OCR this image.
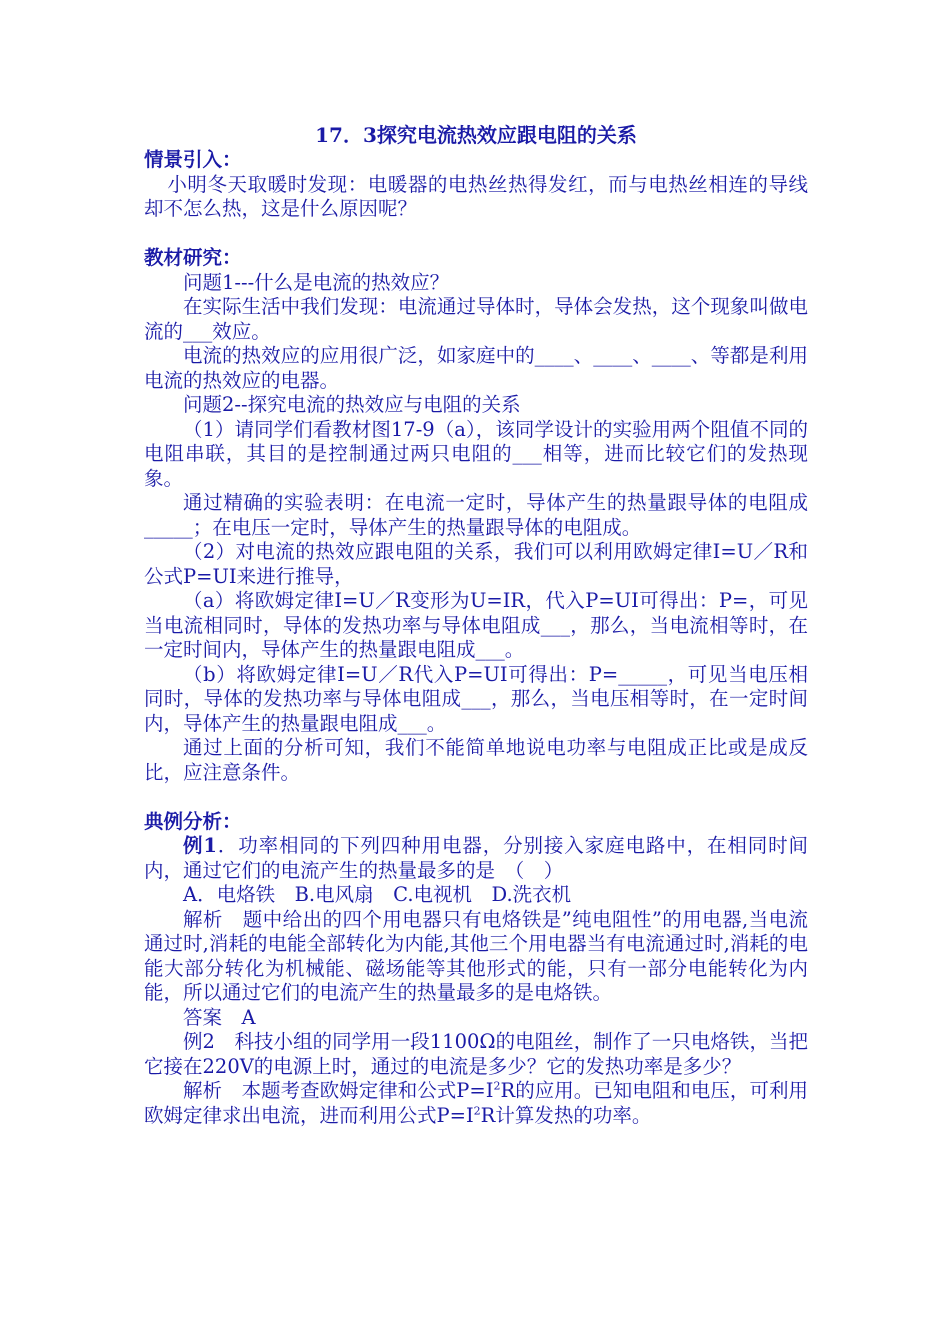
17．3探究电流热效应跟电阻的关系

情景引入：

小明冬天取暖时发现：电暖器的电热丝热得发红，而与电热丝相连的导线却不怎么热，这是什么原因呢？

教材研究：

问题1---什么是电流的热效应？

在实际生活中我们发现：电流通过导体时，导体会发热，这个现象叫做电流的___效应。

电流的热效应的应用很广泛，如家庭中的____、____、____、等都是利用电流的热效应的电器。

问题2--探究电流的热效应与电阻的关系

（1）请同学们看教材图17-9（a），该同学设计的实验用两个阻值不同的电阻串联，其目的是控制通过两只电阻的___相等，进而比较它们的发热现象。

通过精确的实验表明：在电流一定时，导体产生的热量跟导体的电阻成_____；在电压一定时，导体产生的热量跟导体的电阻成。

（2）对电流的热效应跟电阻的关系，我们可以利用欧姆定律I=U／R和公式P=UI来进行推导，

（a）将欧姆定律I=U／R变形为U=IR，代入P=UI可得出：P=，可见当电流相同时，导体的发热功率与导体电阻成___，那么，当电流相等时，在一定时间内，导体产生的热量跟电阻成___。

（b）将欧姆定律I=U／R代入P=UI可得出：P=_____，可见当电压相同时，导体的发热功率与导体电阻成___，那么，当电压相等时，在一定时间内，导体产生的热量跟电阻成___。

通过上面的分析可知，我们不能简单地说电功率与电阻成正比或是成反比，应注意条件。

典例分析：

例1．功率相同的下列四种用电器，分别接入家庭电路中，在相同时间内，通过它们的电流产生的热量最多的是　（　）

A．电烙铁　B.电风扇　C.电视机　D.洗衣机

解析　题中给出的四个用电器只有电烙铁是”纯电阻性”的用电器,当电流通过时,消耗的电能全部转化为内能,其他三个用电器当有电流通过时,消耗的电能大部分转化为机械能、磁场能等其他形式的能，只有一部分电能转化为内能，所以通过它们的电流产生的热量最多的是电烙铁。

答案　A

例2　科技小组的同学用一段1100Ω的电阻丝，制作了一只电烙铁，当把它接在220V的电源上时，通过的电流是多少？它的发热功率是多少？

解析　本题考查欧姆定律和公式$P=I^2R$的应用。已知电阻和电压，可利用欧姆定律求出电流，进而利用公式$P=I^2R$计算发热的功率。
